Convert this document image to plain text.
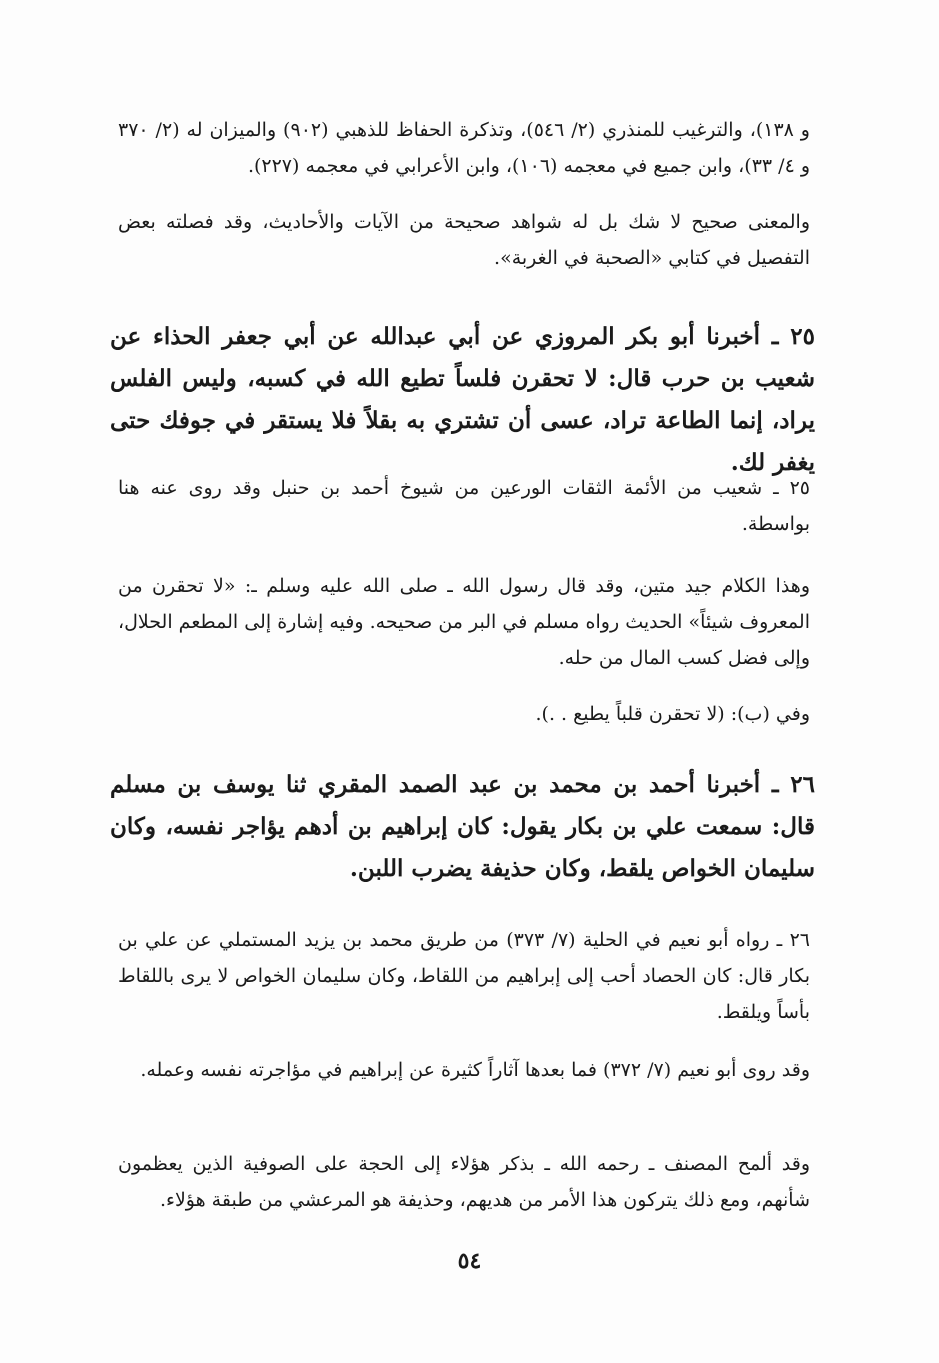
و ١٣٨)، والترغيب للمنذري (٢/ ٥٤٦)، وتذكرة الحفاظ للذهبي (٩٠٢) والميزان له (٢/ ٣٧٠ و ٤/ ٣٣)، وابن جميع في معجمه (١٠٦)، وابن الأعرابي في معجمه (٢٢٧).

والمعنى صحيح لا شك بل له شواهد صحيحة من الآيات والأحاديث، وقد فصلته بعض التفصيل في كتابي «الصحبة في الغربة».

٢٥ ـ أخبرنا أبو بكر المروزي عن أبي عبدالله عن أبي جعفر الحذاء عن شعيب بن حرب قال: لا تحقرن فلساً تطيع الله في كسبه، وليس الفلس يراد، إنما الطاعة تراد، عسى أن تشتري به بقلاً فلا يستقر في جوفك حتى يغفر لك.

٢٥ ـ شعيب من الأئمة الثقات الورعين من شيوخ أحمد بن حنبل وقد روى عنه هنا بواسطة.

وهذا الكلام جيد متين، وقد قال رسول الله ـ صلى الله عليه وسلم ـ: «لا تحقرن من المعروف شيئاً» الحديث رواه مسلم في البر من صحيحه. وفيه إشارة إلى المطعم الحلال، وإلى فضل كسب المال من حله.

وفي (ب): (لا تحقرن قلباً يطيع . .).

٢٦ ـ أخبرنا أحمد بن محمد بن عبد الصمد المقري ثنا يوسف بن مسلم قال: سمعت علي بن بكار يقول: كان إبراهيم بن أدهم يؤاجر نفسه، وكان سليمان الخواص يلقط، وكان حذيفة يضرب اللبن.

٢٦ ـ رواه أبو نعيم في الحلية (٧/ ٣٧٣) من طريق محمد بن يزيد المستملي عن علي بن بكار قال: كان الحصاد أحب إلى إبراهيم من اللقاط، وكان سليمان الخواص لا يرى باللقاط بأساً ويلقط.

وقد روى أبو نعيم (٧/ ٣٧٢) فما بعدها آثاراً كثيرة عن إبراهيم في مؤاجرته نفسه وعمله.

وقد ألمح المصنف ـ رحمه الله ـ بذكر هؤلاء إلى الحجة على الصوفية الذين يعظمون شأنهم، ومع ذلك يتركون هذا الأمر من هديهم، وحذيفة هو المرعشي من طبقة هؤلاء.

٥٤
